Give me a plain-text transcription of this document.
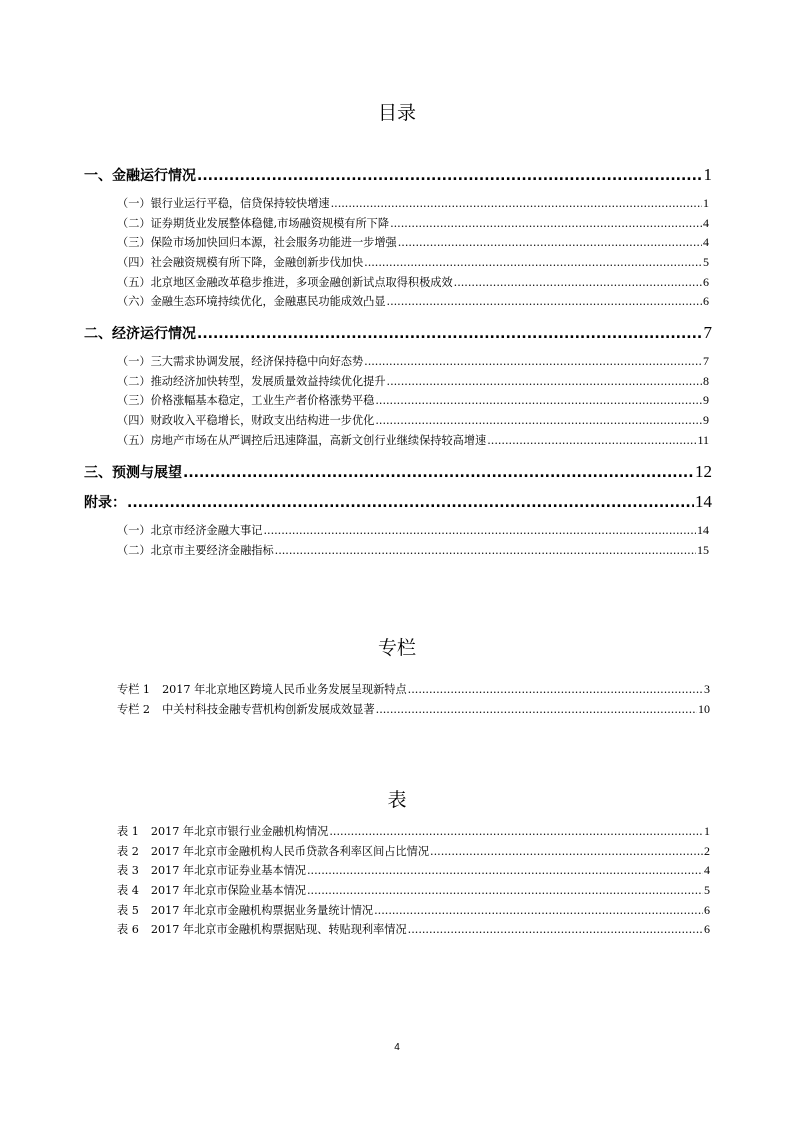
目录
一、金融运行情况 .....	1
（一）银行业运行平稳，信贷保持较快增速 .....	1
（二）证券期货业发展整体稳健,市场融资规模有所下降 .....	4
（三）保险市场加快回归本源，社会服务功能进一步增强 .....	4
（四）社会融资规模有所下降，金融创新步伐加快 .....	5
（五）北京地区金融改革稳步推进，多项金融创新试点取得积极成效 .....	6
（六）金融生态环境持续优化，金融惠民功能成效凸显 .....	6
二、经济运行情况 .....	7
（一）三大需求协调发展，经济保持稳中向好态势 .....	7
（二）推动经济加快转型，发展质量效益持续优化提升 .....	8
（三）价格涨幅基本稳定，工业生产者价格涨势平稳 .....	9
（四）财政收入平稳增长，财政支出结构进一步优化 .....	9
（五）房地产市场在从严调控后迅速降温，高新文创行业继续保持较高增速 .....	11
三、预测与展望 .....	12
附录： .....	14
（一）北京市经济金融大事记 .....	14
（二）北京市主要经济金融指标 .....	15
专栏
专栏 1 2017 年北京地区跨境人民币业务发展呈现新特点 .....	3
专栏 2 中关村科技金融专营机构创新发展成效显著 .....	10
表
表 1 2017 年北京市银行业金融机构情况 .....	1
表 2 2017 年北京市金融机构人民币贷款各利率区间占比情况 .....	2
表 3 2017 年北京市证券业基本情况 .....	4
表 4 2017 年北京市保险业基本情况 .....	5
表 5 2017 年北京市金融机构票据业务量统计情况 .....	6
表 6 2017 年北京市金融机构票据贴现、转贴现利率情况 .....	6
4
